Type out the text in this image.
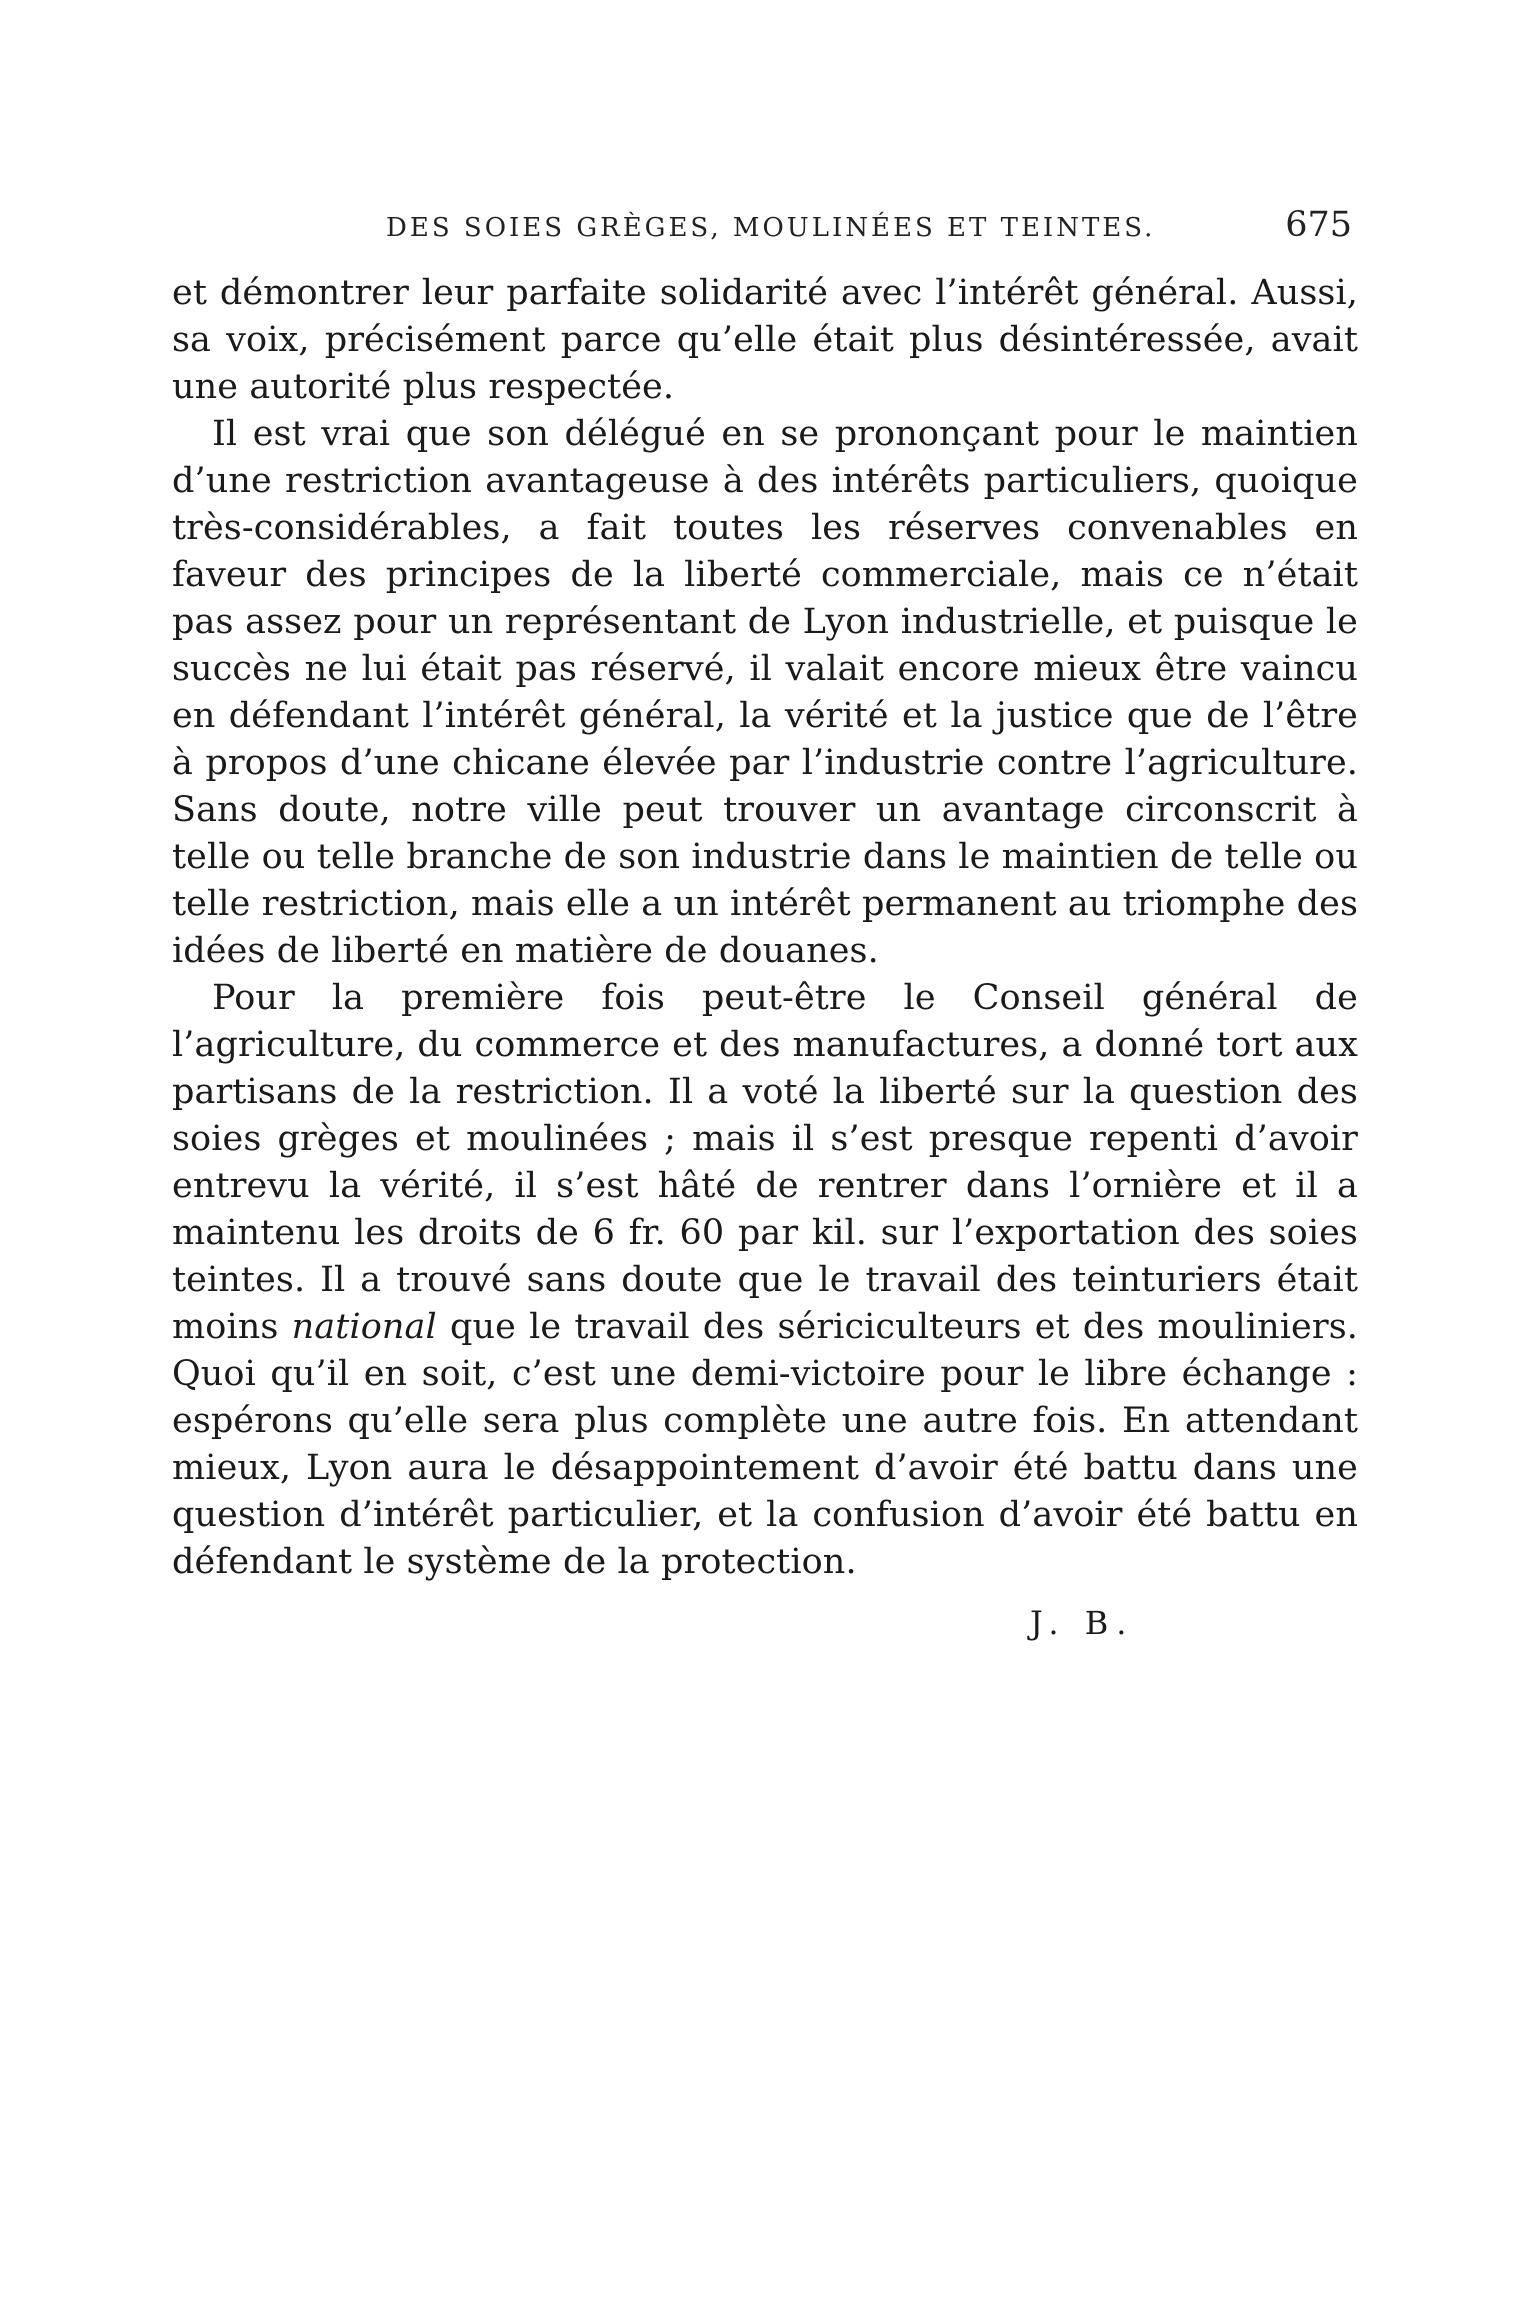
DES SOIES GRÈGES, MOULINÉES ET TEINTES.	675

et démontrer leur parfaite solidarité avec l’intérêt général. Aussi, sa voix, précisément parce qu’elle était plus désintéressée, avait une autorité plus respectée.

Il est vrai que son délégué en se prononçant pour le maintien d’une restriction avantageuse à des intérêts particuliers, quoique très-considérables, a fait toutes les réserves convenables en faveur des principes de la liberté commerciale, mais ce n’était pas assez pour un représentant de Lyon industrielle, et puisque le succès ne lui était pas réservé, il valait encore mieux être vaincu en défendant l’intérêt général, la vérité et la justice que de l’être à propos d’une chicane élevée par l’industrie contre l’agriculture. Sans doute, notre ville peut trouver un avantage circonscrit à telle ou telle branche de son industrie dans le maintien de telle ou telle restriction, mais elle a un intérêt permanent au triomphe des idées de liberté en matière de douanes.

Pour la première fois peut-être le Conseil général de l’agriculture, du commerce et des manufactures, a donné tort aux partisans de la restriction. Il a voté la liberté sur la question des soies grèges et moulinées ; mais il s’est presque repenti d’avoir entrevu la vérité, il s’est hâté de rentrer dans l’ornière et il a maintenu les droits de 6 fr. 60 par kil. sur l’exportation des soies teintes. Il a trouvé sans doute que le travail des teinturiers était moins national que le travail des sériciculteurs et des mouliniers. Quoi qu’il en soit, c’est une demi-victoire pour le libre échange : espérons qu’elle sera plus complète une autre fois. En attendant mieux, Lyon aura le désappointement d’avoir été battu dans une question d’intérêt particulier, et la confusion d’avoir été battu en défendant le système de la protection.

J. B.
